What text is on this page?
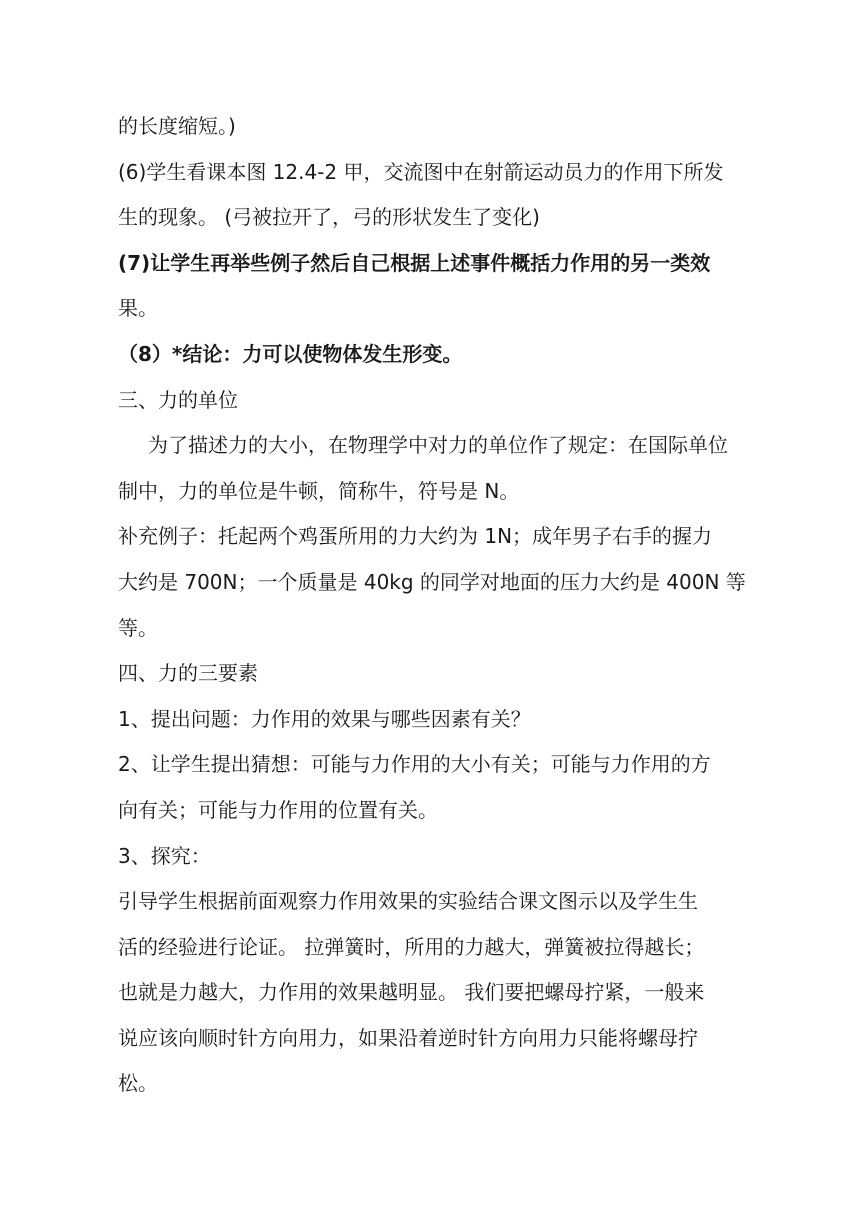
的长度缩短。)
(6)学生看课本图 12.4-2 甲，交流图中在射箭运动员力的作用下所发
生的现象。 (弓被拉开了，弓的形状发生了变化)
(7)让学生再举些例子然后自己根据上述事件概括力作用的另一类效
果。
（8）*结论：力可以使物体发生形变。
三、力的单位
为了描述力的大小，在物理学中对力的单位作了规定：在国际单位
制中，力的单位是牛顿，简称牛，符号是 N。
补充例子：托起两个鸡蛋所用的力大约为 1N；成年男子右手的握力
大约是 700N；一个质量是 40kg 的同学对地面的压力大约是 400N 等
等。
四、力的三要素
1、提出问题：力作用的效果与哪些因素有关？
2、让学生提出猜想：可能与力作用的大小有关；可能与力作用的方
向有关；可能与力作用的位置有关。
3、探究：
引导学生根据前面观察力作用效果的实验结合课文图示以及学生生
活的经验进行论证。 拉弹簧时，所用的力越大，弹簧被拉得越长；
也就是力越大，力作用的效果越明显。 我们要把螺母拧紧，一般来
说应该向顺时针方向用力，如果沿着逆时针方向用力只能将螺母拧
松。
